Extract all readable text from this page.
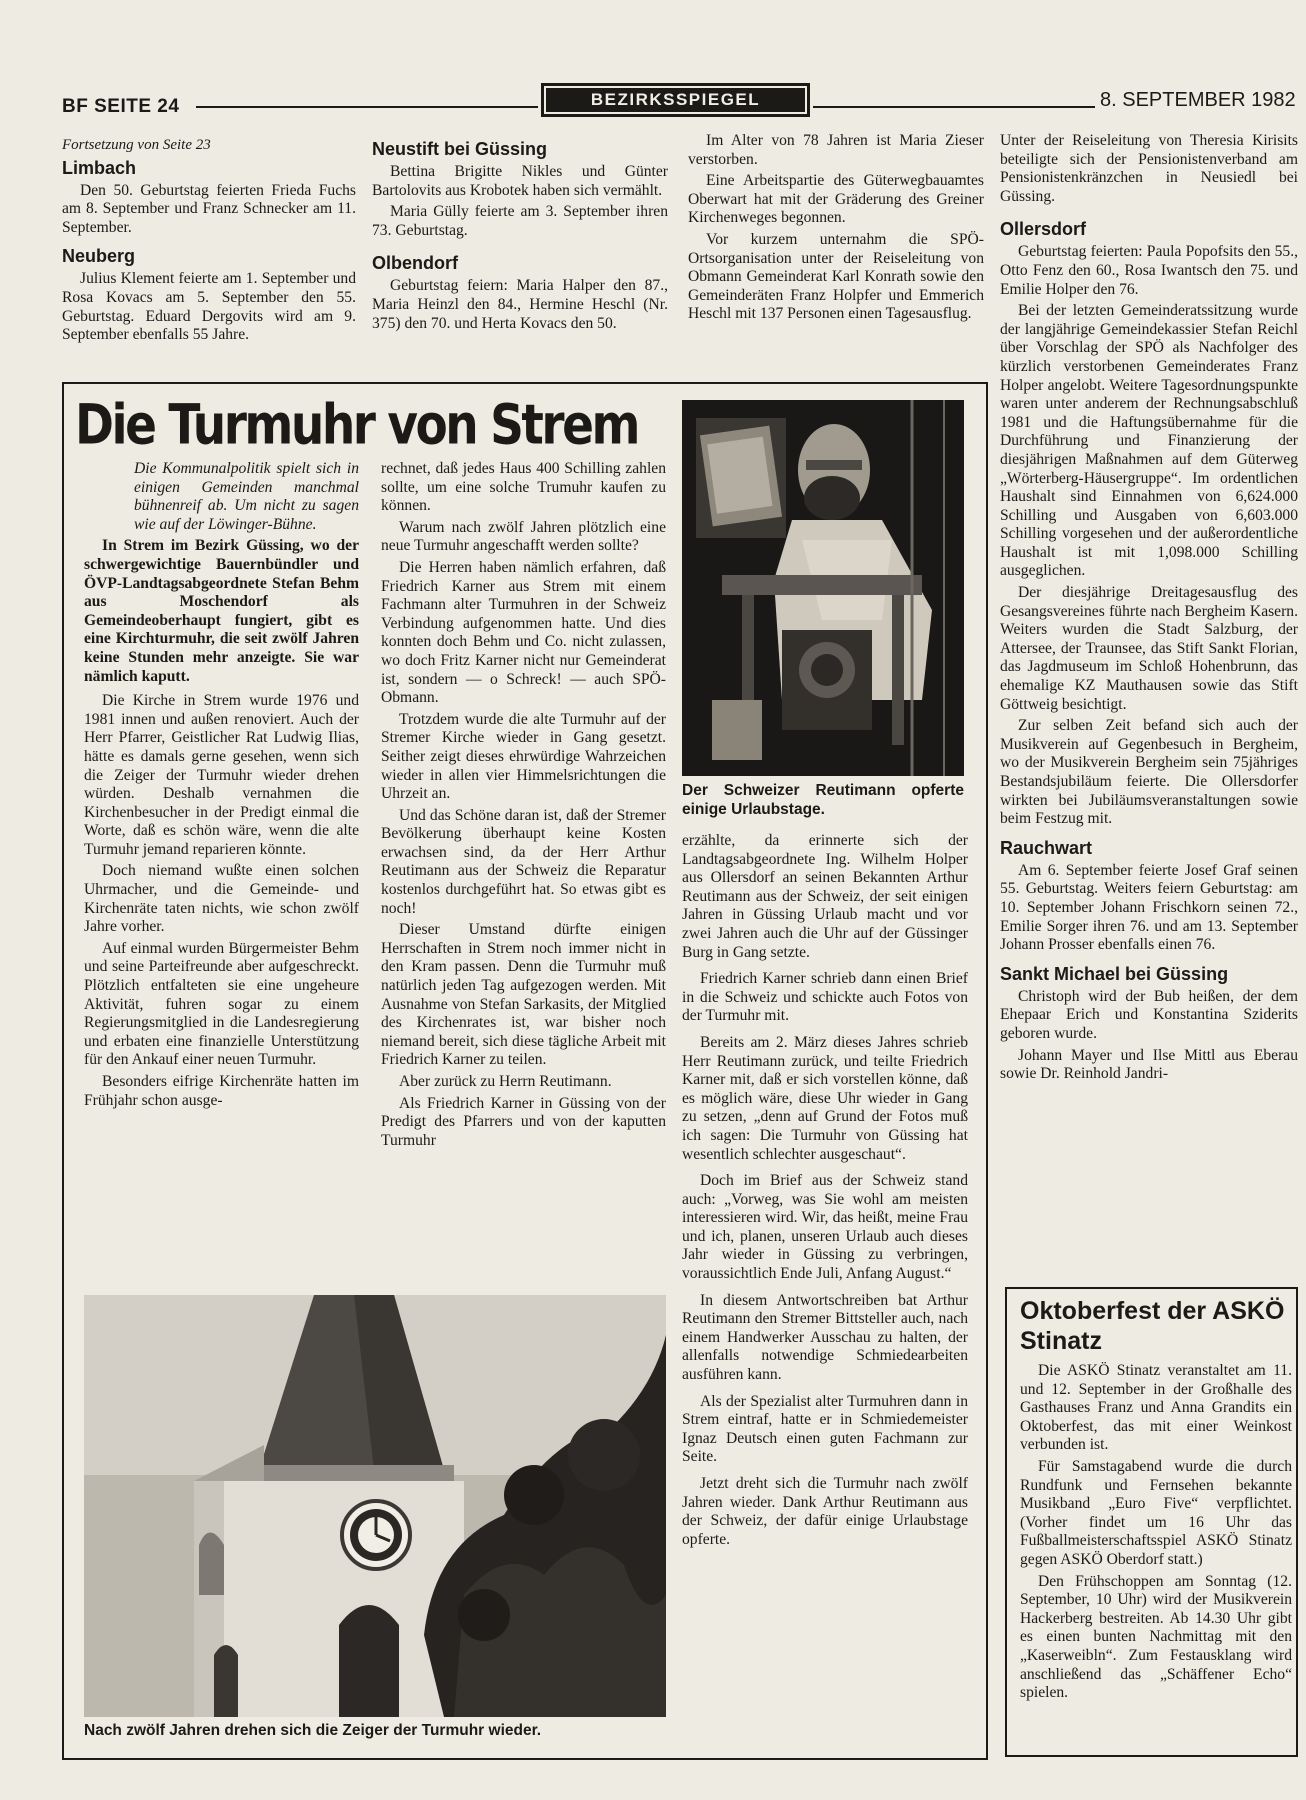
BF SEITE 24	BEZIRKSSPIEGEL	8. SEPTEMBER 1982
Fortsetzung von Seite 23
Limbach

Den 50. Geburtstag feierten Frieda Fuchs am 8. September und Franz Schnecker am 11. September.

Neuberg

Julius Klement feierte am 1. September und Rosa Kovacs am 5. September den 55. Geburtstag. Eduard Dergovits wird am 9. September ebenfalls 55 Jahre.

Neustift bei Güssing

Bettina Brigitte Nikles und Günter Bartolovits aus Krobotek haben sich vermählt.

Maria Gülly feierte am 3. September ihren 73. Geburtstag.

Olbendorf

Geburtstag feiern: Maria Halper den 87., Maria Heinzl den 84., Hermine Heschl (Nr. 375) den 70. und Herta Kovacs den 50.

Im Alter von 78 Jahren ist Maria Zieser verstorben.

Eine Arbeitspartie des Güterwegbauamtes Oberwart hat mit der Gräderung des Greiner Kirchenweges begonnen.

Vor kurzem unternahm die SPÖ-Ortsorganisation unter der Reiseleitung von Obmann Gemeinderat Karl Konrath sowie den Gemeinderäten Franz Holpfer und Emmerich Heschl mit 137 Personen einen Tagesausflug.

Unter der Reiseleitung von Theresia Kirisits beteiligte sich der Pensionistenverband am Pensionistenkränzchen in Neusiedl bei Güssing.

Ollersdorf

Geburtstag feierten: Paula Popofsits den 55., Otto Fenz den 60., Rosa Iwantsch den 75. und Emilie Holper den 76.

Bei der letzten Gemeinderatssitzung wurde der langjährige Gemeindekassier Stefan Reichl über Vorschlag der SPÖ als Nachfolger des kürzlich verstorbenen Gemeinderates Franz Holper angelobt. Weitere Tagesordnungspunkte waren unter anderem der Rechnungsabschluß 1981 und die Haftungsübernahme für die Durchführung und Finanzierung der diesjährigen Maßnahmen auf dem Güterweg „Wörterberg-Häusergruppe“. Im ordentlichen Haushalt sind Einnahmen von 6,624.000 Schilling und Ausgaben von 6,603.000 Schilling vorgesehen und der außerordentliche Haushalt ist mit 1,098.000 Schilling ausgeglichen.

Der diesjährige Dreitagesausflug des Gesangsvereines führte nach Bergheim Kasern. Weiters wurden die Stadt Salzburg, der Attersee, der Traunsee, das Stift Sankt Florian, das Jagdmuseum im Schloß Hohenbrunn, das ehemalige KZ Mauthausen sowie das Stift Göttweig besichtigt.

Zur selben Zeit befand sich auch der Musikverein auf Gegenbesuch in Bergheim, wo der Musikverein Bergheim sein 75jähriges Bestandsjubiläum feierte. Die Ollersdorfer wirkten bei Jubiläumsveranstaltungen sowie beim Festzug mit.

Rauchwart

Am 6. September feierte Josef Graf seinen 55. Geburtstag. Weiters feiern Geburtstag: am 10. September Johann Frischkorn seinen 72., Emilie Sorger ihren 76. und am 13. September Johann Prosser ebenfalls einen 76.

Sankt Michael bei Güssing

Christoph wird der Bub heißen, der dem Ehepaar Erich und Konstantina Sziderits geboren wurde.

Johann Mayer und Ilse Mittl aus Eberau sowie Dr. Reinhold Jandri-

Die Turmuhr von Strem

Die Kommunalpolitik spielt sich in einigen Gemeinden manchmal bühnenreif ab. Um nicht zu sagen wie auf der Löwinger-Bühne.

In Strem im Bezirk Güssing, wo der schwergewichtige Bauernbündler und ÖVP-Landtagsabgeordnete Stefan Behm aus Moschendorf als Gemeindeoberhaupt fungiert, gibt es eine Kirchturmuhr, die seit zwölf Jahren keine Stunden mehr anzeigte. Sie war nämlich kaputt.

Die Kirche in Strem wurde 1976 und 1981 innen und außen renoviert. Auch der Herr Pfarrer, Geistlicher Rat Ludwig Ilias, hätte es damals gerne gesehen, wenn sich die Zeiger der Turmuhr wieder drehen würden. Deshalb vernahmen die Kirchenbesucher in der Predigt einmal die Worte, daß es schön wäre, wenn die alte Turmuhr jemand reparieren könnte.

Doch niemand wußte einen solchen Uhrmacher, und die Gemeinde- und Kirchenräte taten nichts, wie schon zwölf Jahre vorher.

Auf einmal wurden Bürgermeister Behm und seine Parteifreunde aber aufgeschreckt. Plötzlich entfalteten sie eine ungeheure Aktivität, fuhren sogar zu einem Regierungsmitglied in die Landesregierung und erbaten eine finanzielle Unterstützung für den Ankauf einer neuen Turmuhr.

Besonders eifrige Kirchenräte hatten im Frühjahr schon ausge-

rechnet, daß jedes Haus 400 Schilling zahlen sollte, um eine solche Trumuhr kaufen zu können.

Warum nach zwölf Jahren plötzlich eine neue Turmuhr angeschafft werden sollte?

Die Herren haben nämlich erfahren, daß Friedrich Karner aus Strem mit einem Fachmann alter Turmuhren in der Schweiz Verbindung aufgenommen hatte. Und dies konnten doch Behm und Co. nicht zulassen, wo doch Fritz Karner nicht nur Gemeinderat ist, sondern — o Schreck! — auch SPÖ-Obmann.

Trotzdem wurde die alte Turmuhr auf der Stremer Kirche wieder in Gang gesetzt. Seither zeigt dieses ehrwürdige Wahrzeichen wieder in allen vier Himmelsrichtungen die Uhrzeit an.

Und das Schöne daran ist, daß der Stremer Bevölkerung überhaupt keine Kosten erwachsen sind, da der Herr Arthur Reutimann aus der Schweiz die Reparatur kostenlos durchgeführt hat. So etwas gibt es noch!

Dieser Umstand dürfte einigen Herrschaften in Strem noch immer nicht in den Kram passen. Denn die Turmuhr muß natürlich jeden Tag aufgezogen werden. Mit Ausnahme von Stefan Sarkasits, der Mitglied des Kirchenrates ist, war bisher noch niemand bereit, sich diese tägliche Arbeit mit Friedrich Karner zu teilen.

Aber zurück zu Herrn Reutimann.

Als Friedrich Karner in Güssing von der Predigt des Pfarrers und von der kaputten Turmuhr

Der Schweizer Reutimann opferte einige Urlaubstage.

erzählte, da erinnerte sich der Landtagsabgeordnete Ing. Wilhelm Holper aus Ollersdorf an seinen Bekannten Arthur Reutimann aus der Schweiz, der seit einigen Jahren in Güssing Urlaub macht und vor zwei Jahren auch die Uhr auf der Güssinger Burg in Gang setzte.

Friedrich Karner schrieb dann einen Brief in die Schweiz und schickte auch Fotos von der Turmuhr mit.

Bereits am 2. März dieses Jahres schrieb Herr Reutimann zurück, und teilte Friedrich Karner mit, daß er sich vorstellen könne, daß es möglich wäre, diese Uhr wieder in Gang zu setzen, „denn auf Grund der Fotos muß ich sagen: Die Turmuhr von Güssing hat wesentlich schlechter ausgeschaut“.

Doch im Brief aus der Schweiz stand auch: „Vorweg, was Sie wohl am meisten interessieren wird. Wir, das heißt, meine Frau und ich, planen, unseren Urlaub auch dieses Jahr wieder in Güssing zu verbringen, voraussichtlich Ende Juli, Anfang August.“

In diesem Antwortschreiben bat Arthur Reutimann den Stremer Bittsteller auch, nach einem Handwerker Ausschau zu halten, der allenfalls notwendige Schmiedearbeiten ausführen kann.

Als der Spezialist alter Turmuhren dann in Strem eintraf, hatte er in Schmiedemeister Ignaz Deutsch einen guten Fachmann zur Seite.

Jetzt dreht sich die Turmuhr nach zwölf Jahren wieder. Dank Arthur Reutimann aus der Schweiz, der dafür einige Urlaubstage opferte.

Nach zwölf Jahren drehen sich die Zeiger der Turmuhr wieder.
Oktoberfest der ASKÖ Stinatz

Die ASKÖ Stinatz veranstaltet am 11. und 12. September in der Großhalle des Gasthauses Franz und Anna Grandits ein Oktoberfest, das mit einer Weinkost verbunden ist.

Für Samstagabend wurde die durch Rundfunk und Fernsehen bekannte Musikband „Euro Five“ verpflichtet. (Vorher findet um 16 Uhr das Fußballmeisterschaftsspiel ASKÖ Stinatz gegen ASKÖ Oberdorf statt.)

Den Frühschoppen am Sonntag (12. September, 10 Uhr) wird der Musikverein Hackerberg bestreiten. Ab 14.30 Uhr gibt es einen bunten Nachmittag mit den „Kaserweibln“. Zum Festausklang wird anschließend das „Schäffener Echo“ spielen.
